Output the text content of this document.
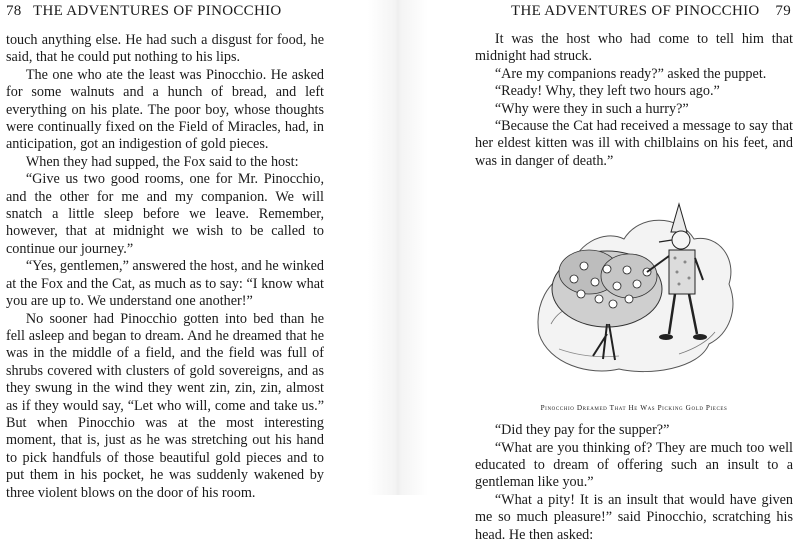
78 THE ADVENTURES OF PINOCCHIO

touch anything else. He had such a disgust for food, he said, that he could put nothing to his lips.

The one who ate the least was Pinocchio. He asked for some walnuts and a hunch of bread, and left everything on his plate. The poor boy, whose thoughts were continually fixed on the Field of Miracles, had, in anticipation, got an indigestion of gold pieces.

When they had supped, the Fox said to the host:

“Give us two good rooms, one for Mr. Pinocchio, and the other for me and my companion. We will snatch a little sleep before we leave. Remember, however, that at midnight we wish to be called to continue our journey.”

“Yes, gentlemen,” answered the host, and he winked at the Fox and the Cat, as much as to say: “I know what you are up to. We understand one another!”

No sooner had Pinocchio gotten into bed than he fell asleep and began to dream. And he dreamed that he was in the middle of a field, and the field was full of shrubs covered with clusters of gold sovereigns, and as they swung in the wind they went zin, zin, zin, almost as if they would say, “Let who will, come and take us.” But when Pinocchio was at the most interesting moment, that is, just as he was stretching out his hand to pick handfuls of those beautiful gold pieces and to put them in his pocket, he was suddenly wakened by three violent blows on the door of his room.

THE ADVENTURES OF PINOCCHIO 79

It was the host who had come to tell him that midnight had struck.

“Are my companions ready?” asked the puppet.

“Ready! Why, they left two hours ago.”

“Why were they in such a hurry?”

“Because the Cat had received a message to say that her eldest kitten was ill with chilblains on his feet, and was in danger of death.”

Pinocchio Dreamed That He Was Picking Gold Pieces

“Did they pay for the supper?”

“What are you thinking of? They are much too well educated to dream of offering such an insult to a gentleman like you.”

“What a pity! It is an insult that would have given me so much pleasure!” said Pinocchio, scratching his head. He then asked:
